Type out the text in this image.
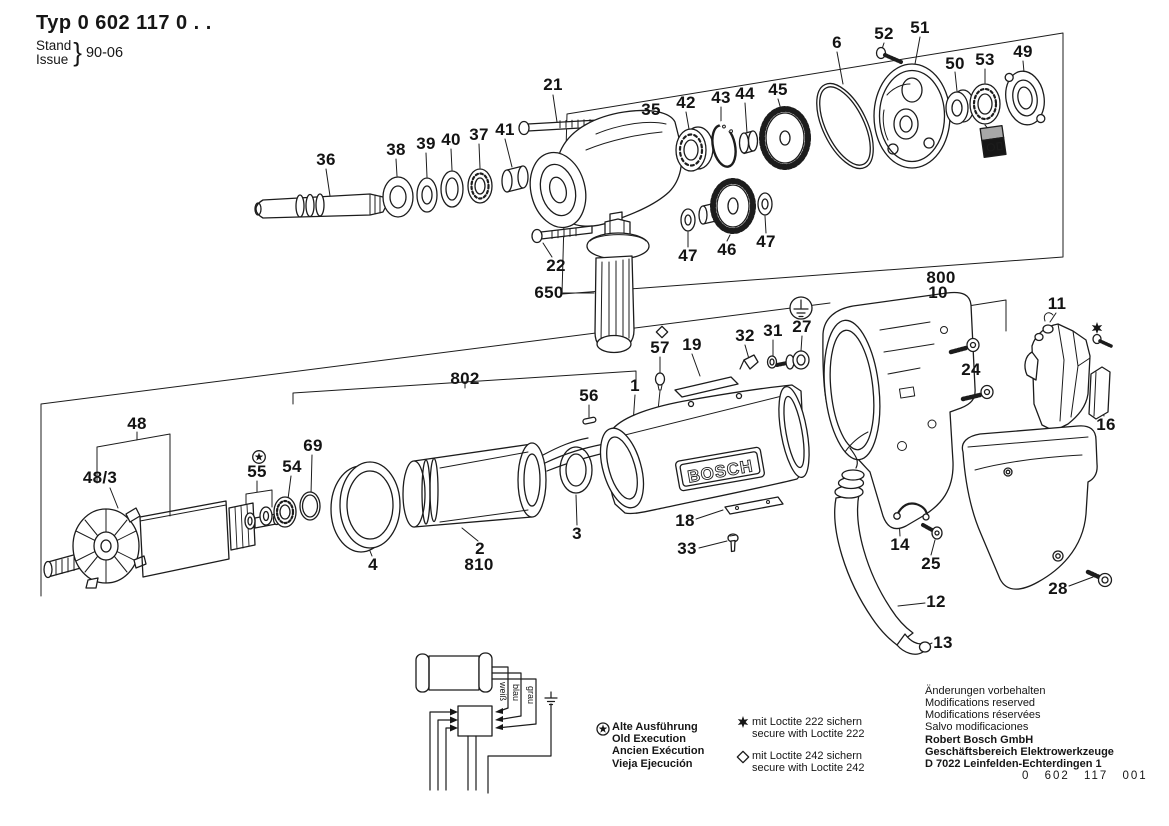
BOSCH
weiß blau grau
Typ 0 602 117 0 . .
Stand
Issue } 90-06
21
35 42 43 44 45
6 52 51
50 53 49
36
38 39 40 37 41
22
650
47 46 47
800
10
11
24
16
27
31
32
57 19
802
56
1
48
48/3	55 54
69
4
2
810
3
18
33	14
25
12
13
28
Alte Ausführung
Old Execution
Ancien Exécution
Vieja Ejecución
mit Loctite 222 sichern
secure with Loctite 222
mit Loctite 242 sichern
secure with Loctite 242
Änderungen vorbehalten
Modifications reserved
Modifications réservées
Salvo modificaciones
Robert Bosch GmbH
Geschäftsbereich Elektrowerkzeuge
D 7022 Leinfelden-Echterdingen 1
0 602 117 001
